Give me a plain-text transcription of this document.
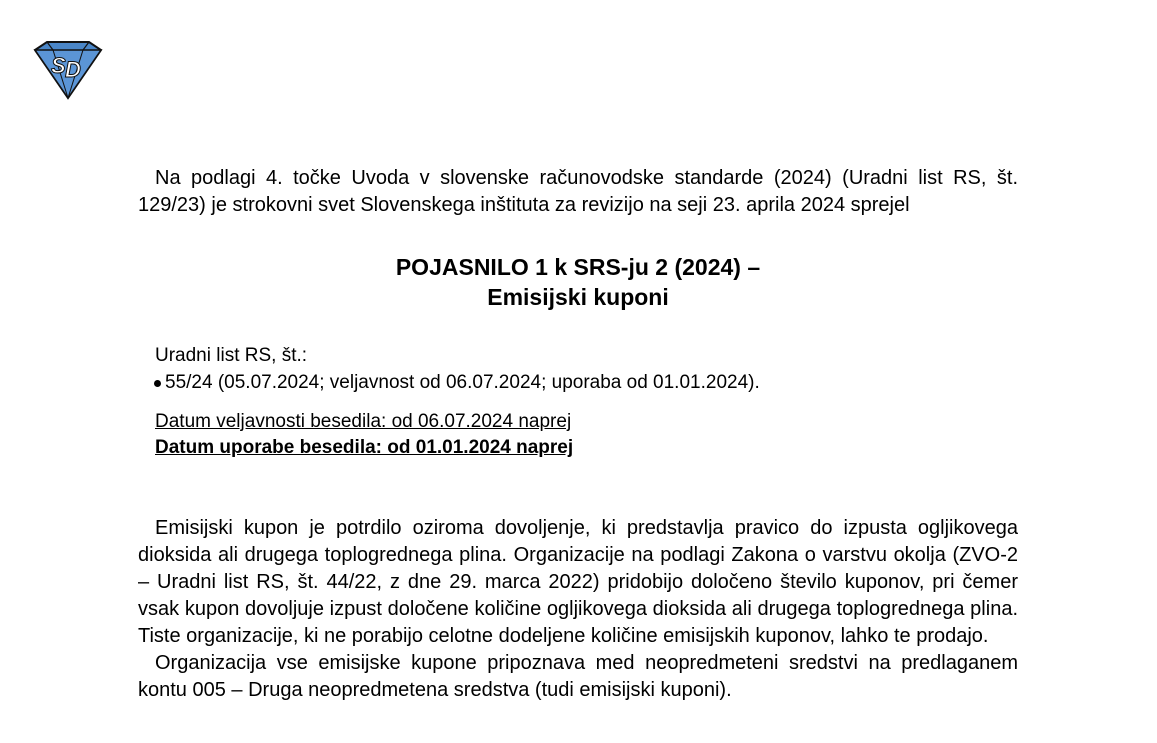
S D

Na podlagi 4. točke Uvoda v slovenske računovodske standarde (2024) (Uradni list RS, št. 129/23) je strokovni svet Slovenskega inštituta za revizijo na seji 23. aprila 2024 sprejel

POJASNILO 1 k SRS-ju 2 (2024) –
Emisijski kuponi
Uradni list RS, št.:
55/24 (05.07.2024; veljavnost od 06.07.2024; uporaba od 01.01.2024).
Datum veljavnosti besedila: od 06.07.2024 naprej
Datum uporabe besedila: od 01.01.2024 naprej

Emisijski kupon je potrdilo oziroma dovoljenje, ki predstavlja pravico do izpusta ogljikovega dioksida ali drugega toplogrednega plina. Organizacije na podlagi Zakona o varstvu okolja (ZVO-2 – Uradni list RS, št. 44/22, z dne 29. marca 2022) pridobijo določeno število kuponov, pri čemer vsak kupon dovoljuje izpust določene količine ogljikovega dioksida ali drugega toplogrednega plina. Tiste organizacije, ki ne porabijo celotne dodeljene količine emisijskih kuponov, lahko te prodajo.

Organizacija vse emisijske kupone pripoznava med neopredmeteni sredstvi na predlaganem kontu 005 – Druga neopredmetena sredstva (tudi emisijski kuponi).
